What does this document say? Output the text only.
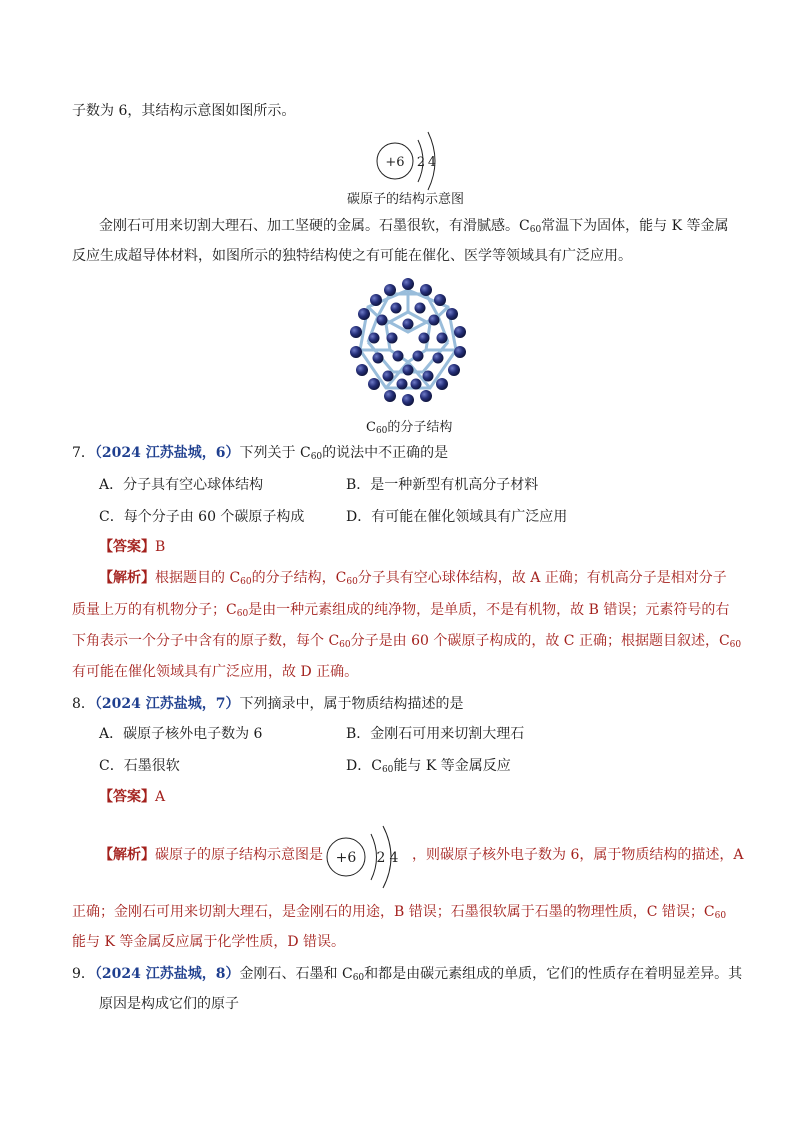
子数为 6，其结构示意图如图所示。
+6 2 4
碳原子的结构示意图
金刚石可用来切割大理石、加工坚硬的金属。石墨很软，有滑腻感。$C_{60}$常温下为固体，能与 K 等金属
反应生成超导体材料，如图所示的独特结构使之有可能在催化、医学等领域具有广泛应用。
$C_{60}$的分子结构
7．（2024 江苏盐城，6）下列关于 $C_{60}$的说法中不正确的是
A．分子具有空心球体结构	B．是一种新型有机高分子材料
C．每个分子由 60 个碳原子构成	D．有可能在催化领域具有广泛应用
【答案】B
【解析】根据题目的 $C_{60}$的分子结构，$C_{60}$分子具有空心球体结构，故 A 正确；有机高分子是相对分子
质量上万的有机物分子；$C_{60}$是由一种元素组成的纯净物，是单质，不是有机物，故 B 错误；元素符号的右
下角表示一个分子中含有的原子数，每个 $C_{60}$分子是由 60 个碳原子构成的，故 C 正确；根据题目叙述，$C_{60}$
有可能在催化领域具有广泛应用，故 D 正确。
8．（2024 江苏盐城，7）下列摘录中，属于物质结构描述的是
A．碳原子核外电子数为 6	B．金刚石可用来切割大理石
C．石墨很软	D．$C_{60}$能与 K 等金属反应
【答案】A
【解析】碳原子的原子结构示意图是 +6 2 4 ，则碳原子核外电子数为 6，属于物质结构的描述，A
正确；金刚石可用来切割大理石，是金刚石的用途，B 错误；石墨很软属于石墨的物理性质，C 错误；$C_{60}$
能与 K 等金属反应属于化学性质，D 错误。
9．（2024 江苏盐城，8）金刚石、石墨和 $C_{60}$和都是由碳元素组成的单质，它们的性质存在着明显差异。其
原因是构成它们的原子
